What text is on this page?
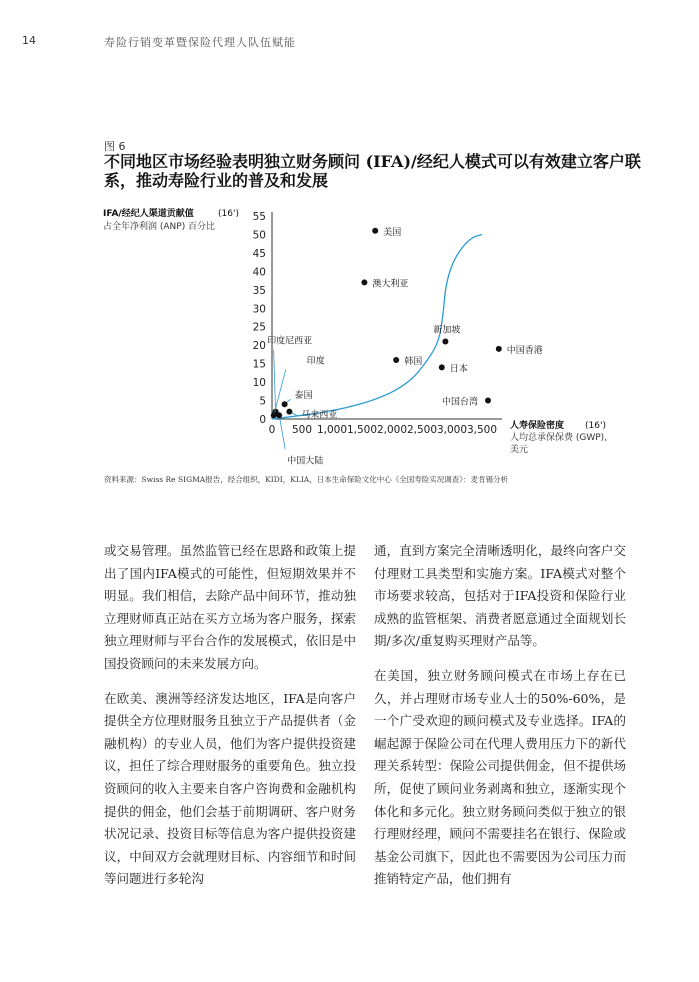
14	寿险行销变革暨保险代理人队伍赋能
图 6
不同地区市场经验表明独立财务顾问 (IFA)/经纪人模式可以有效建立客户联系，推动寿险行业的普及和发展
IFA/经纪人渠道贡献值	(16')
占全年净利润 (ANP) 百分比
人寿保险密度 (16')
人均总承保保费 (GWP),
美元
0
5
10
15
20
25
30
35
40
45
50
55
0 500 1,000 1,500 2,000 2,500 3,000 3,500
美国
澳大利亚
新加坡
中国香港
韩国
日本
中国台湾
印度尼西亚
印度
泰国
马来西亚
中国大陆
资料来源：Swiss Re SIGMA报告，经合组织，KIDI，KLIA，日本生命保险文化中心《全国寿险实况调查》：麦肯锡分析

或交易管理。虽然监管已经在思路和政策上提出了国内IFA模式的可能性，但短期效果并不明显。我们相信，去除产品中间环节，推动独立理财师真正站在买方立场为客户服务，探索独立理财师与平台合作的发展模式，依旧是中国投资顾问的未来发展方向。

在欧美、澳洲等经济发达地区，IFA是向客户提供全方位理财服务且独立于产品提供者（金融机构）的专业人员，他们为客户提供投资建议，担任了综合理财服务的重要角色。独立投资顾问的收入主要来自客户咨询费和金融机构提供的佣金，他们会基于前期调研、客户财务状况记录、投资目标等信息为客户提供投资建议，中间双方会就理财目标、内容细节和时间等问题进行多轮沟

通，直到方案完全清晰透明化，最终向客户交付理财工具类型和实施方案。IFA模式对整个市场要求较高，包括对于IFA投资和保险行业成熟的监管框架、消费者愿意通过全面规划长期/多次/重复购买理财产品等。

在美国，独立财务顾问模式在市场上存在已久，并占理财市场专业人士的50%-60%，是一个广受欢迎的顾问模式及专业选择。IFA的崛起源于保险公司在代理人费用压力下的新代理关系转型：保险公司提供佣金，但不提供场所，促使了顾问业务剥离和独立，逐渐实现个体化和多元化。独立财务顾问类似于独立的银行理财经理，顾问不需要挂名在银行、保险或基金公司旗下，因此也不需要因为公司压力而推销特定产品，他们拥有
